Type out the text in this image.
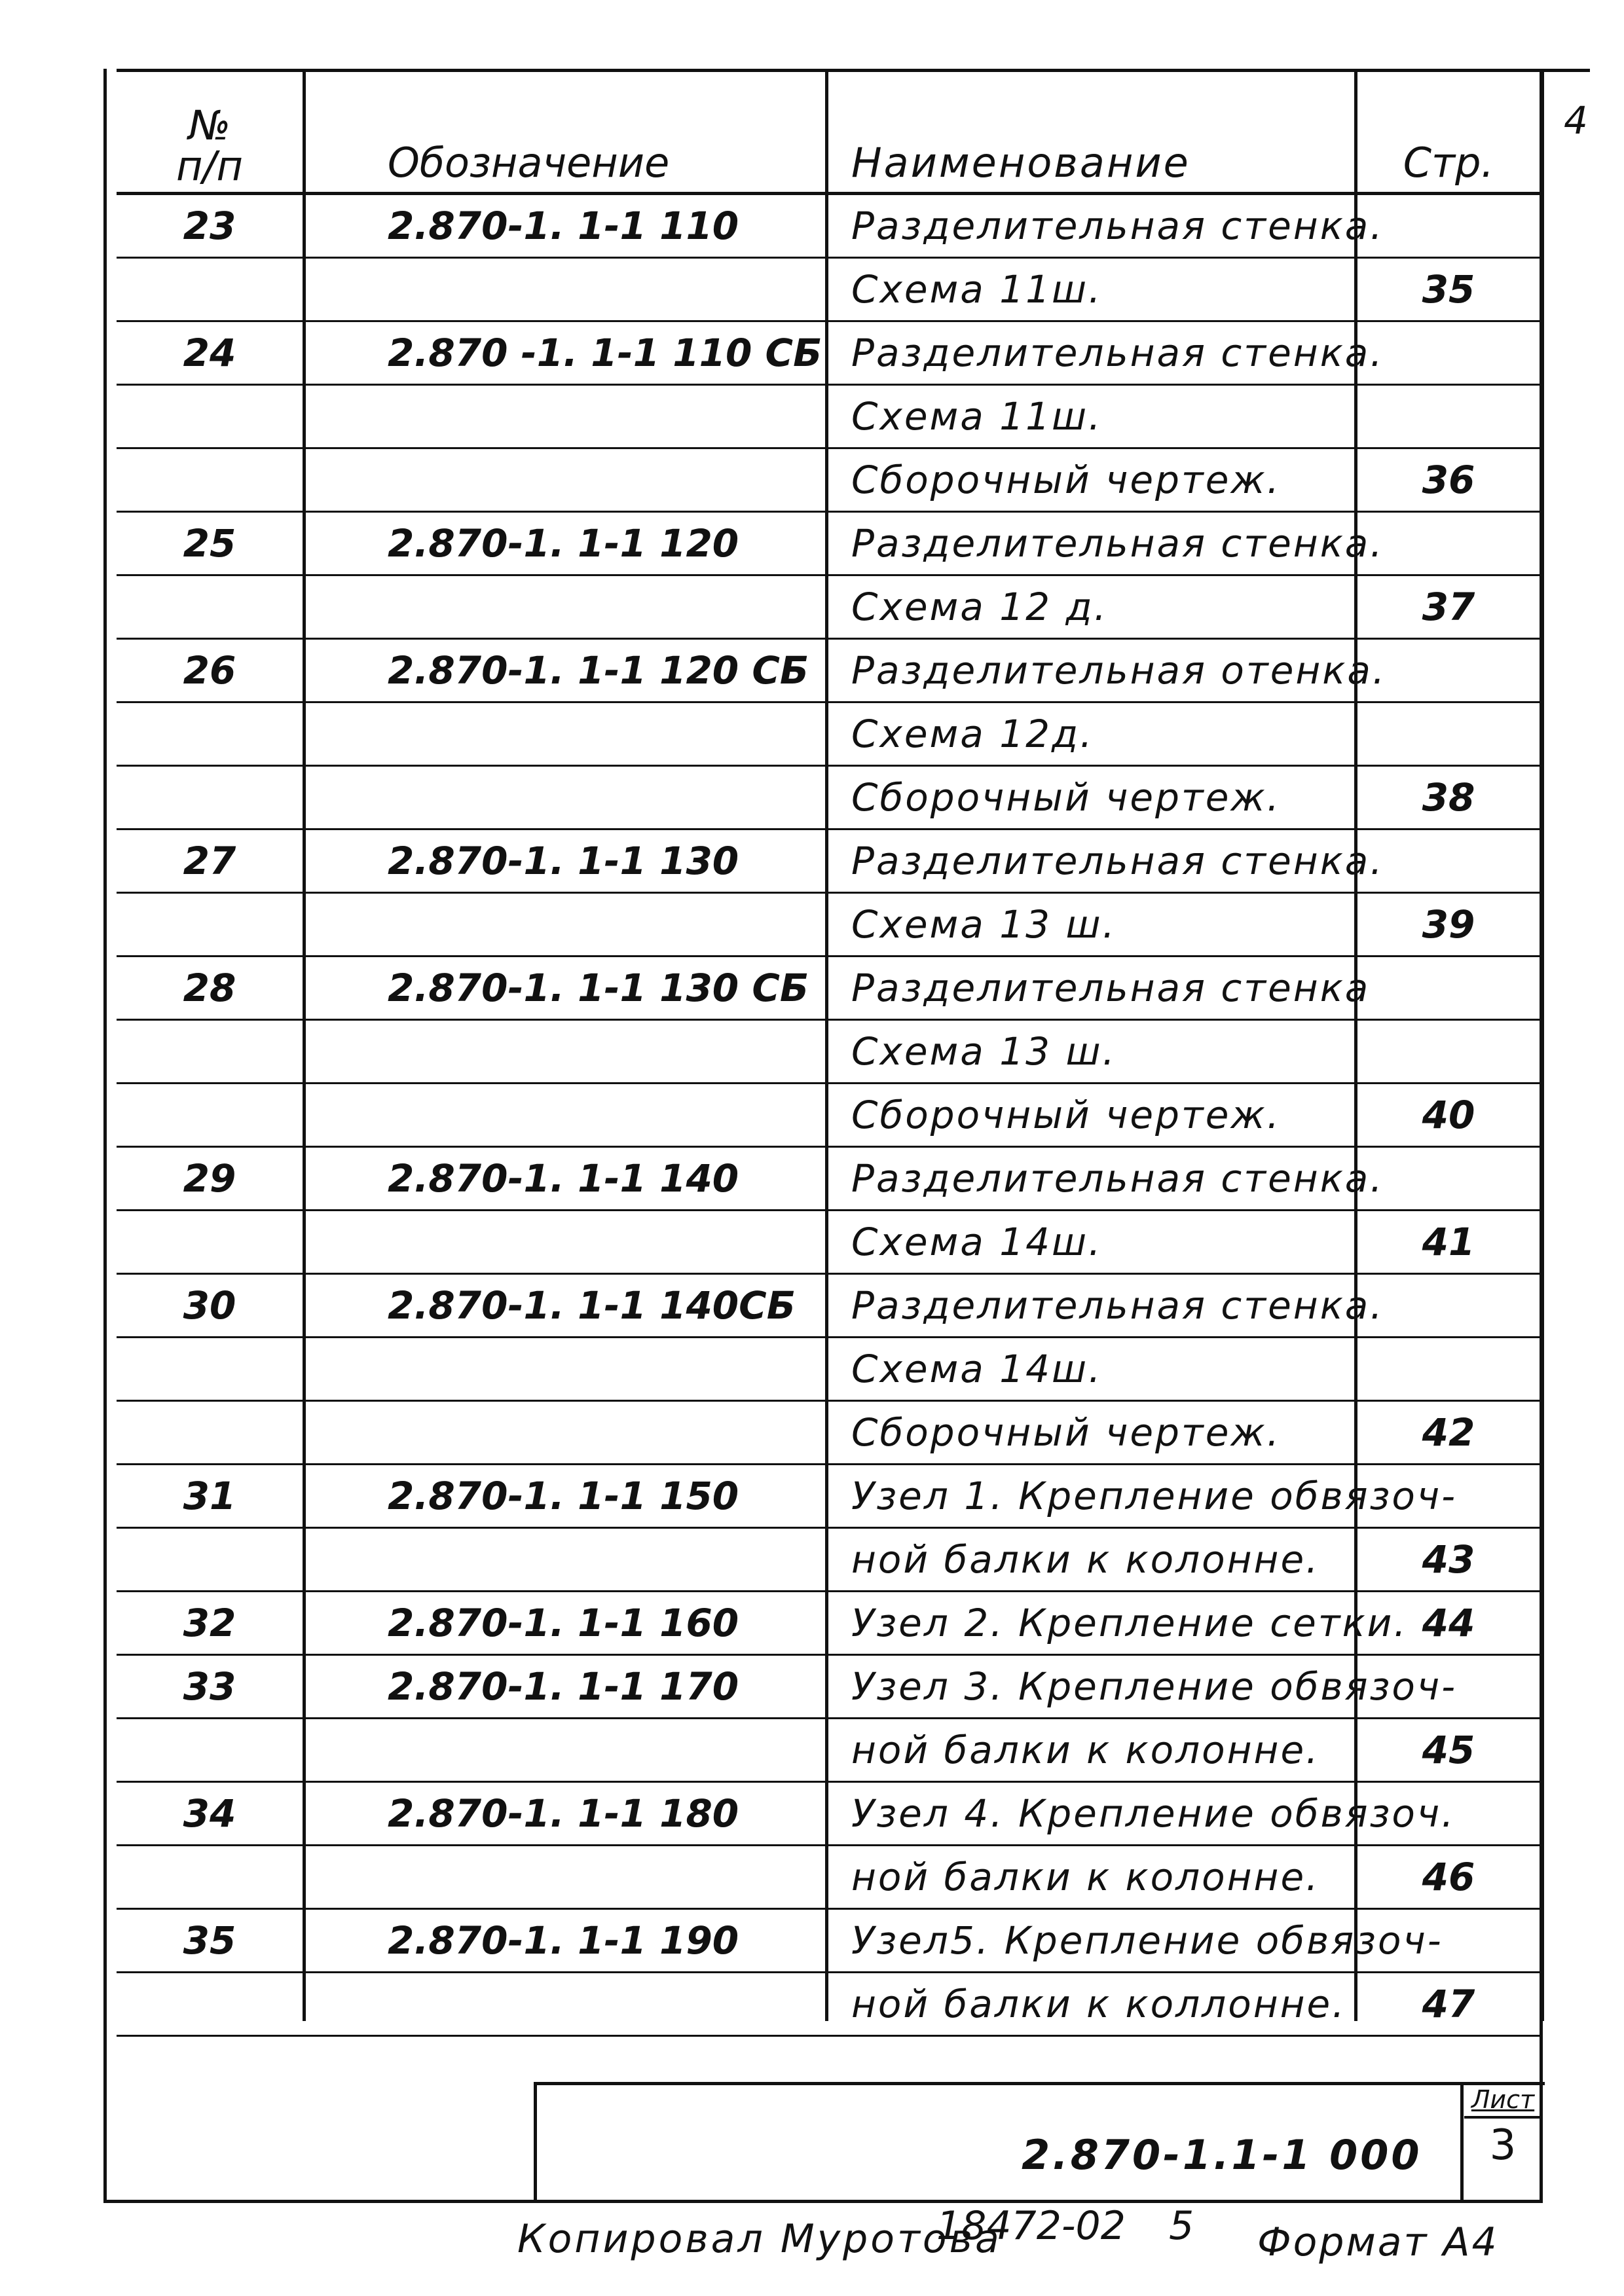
4
№
п/п	Обозначение	Наименование	Стр.
23	2.870-1. 1-1 110	Разделительная стенка.	
		Схема 11ш.	35
24	2.870 -1. 1-1 110 СБ	Разделительная стенка.	
		Схема 11ш.	
		Сборочный чертеж.	36
25	2.870-1. 1-1 120	Разделительная стенка.	
		Схема 12 д.	37
26	2.870-1. 1-1 120 СБ	Разделительная отенка.	
		Схема 12д.	
		Сборочный чертеж.	38
27	2.870-1. 1-1 130	Разделительная стенка.	
		Схема 13 ш.	39
28	2.870-1. 1-1 130 СБ	Разделительная стенка	
		Схема 13 ш.	
		Сборочный чертеж.	40
29	2.870-1. 1-1 140	Разделительная стенка.	
		Схема 14ш.	41
30	2.870-1. 1-1 140СБ	Разделительная стенка.	
		Схема 14ш.	
		Сборочный чертеж.	42
31	2.870-1. 1-1 150	Узел 1. Крепление обвязоч-	
		ной балки к колонне.	43
32	2.870-1. 1-1 160	Узел 2. Крепление сетки.	44
33	2.870-1. 1-1 170	Узел 3. Крепление обвязоч-	
		ной балки к колонне.	45
34	2.870-1. 1-1 180	Узел 4. Крепление обвязоч.	
		ной балки к колонне.	46
35	2.870-1. 1-1 190	Узел5. Крепление обвязоч-	
		ной балки к коллонне.	47
2.870-1.1-1 000
Лист
3
Копировал Муротова
18472-02 5 Формат А4
